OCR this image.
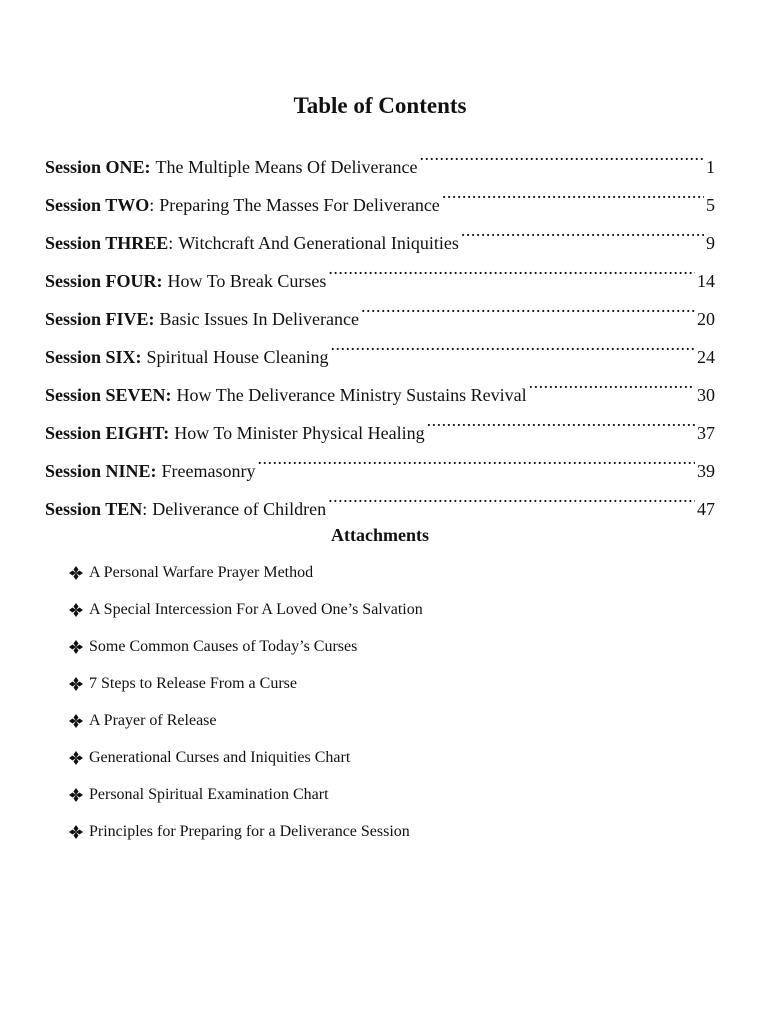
Table of Contents
Session ONE: The Multiple Means Of Deliverance .....	1
Session TWO : Preparing The Masses For Deliverance .....	5
Session THREE : Witchcraft And Generational Iniquities .....	9
Session FOUR: How To Break Curses .....	14
Session FIVE: Basic Issues In Deliverance .....	20
Session SIX: Spiritual House Cleaning .....	24
Session SEVEN: How The Deliverance Ministry Sustains Revival .....	30
Session EIGHT: How To Minister Physical Healing .....	37
Session NINE: Freemasonry .....	39
Session TEN : Deliverance of Children .....	47
Attachments
A Personal Warfare Prayer Method
A Special Intercession For A Loved One’s Salvation
Some Common Causes of Today’s Curses
7 Steps to Release From a Curse
A Prayer of Release
Generational Curses and Iniquities Chart
Personal Spiritual Examination Chart
Principles for Preparing for a Deliverance Session
